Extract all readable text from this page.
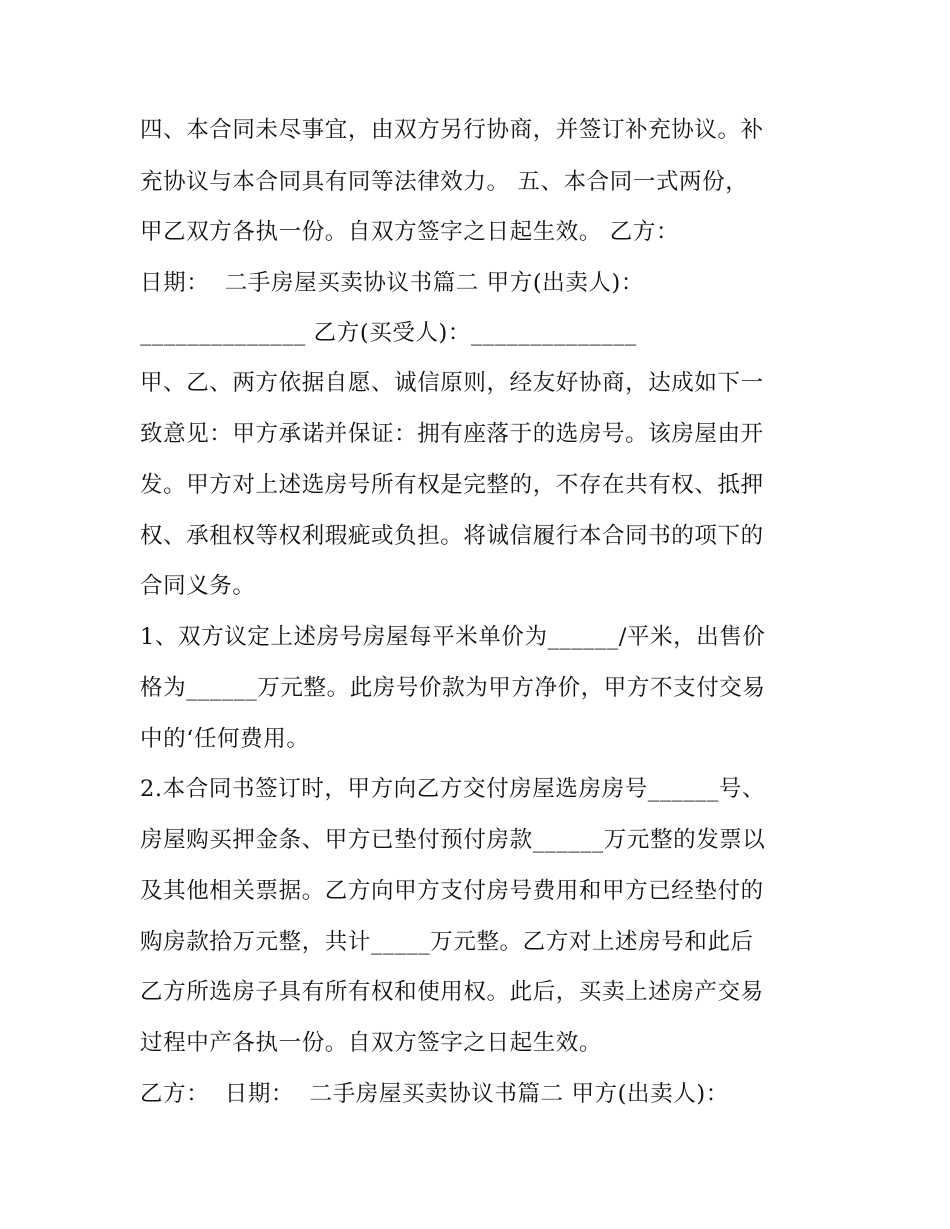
四、本合同未尽事宜，由双方另行协商，并签订补充协议。补
充协议与本合同具有同等法律效力。 五、本合同一式两份，
甲乙双方各执一份。自双方签字之日起生效。 乙方：
日期：  二手房屋买卖协议书篇二 甲方(出卖人)：
______________ 乙方(买受人)：______________
甲、乙、两方依据自愿、诚信原则，经友好协商，达成如下一
致意见：甲方承诺并保证：拥有座落于的选房号。该房屋由开
发。甲方对上述选房号所有权是完整的，不存在共有权、抵押
权、承租权等权利瑕疵或负担。将诚信履行本合同书的项下的
合同义务。
1、双方议定上述房号房屋每平米单价为______/平米，出售价
格为______万元整。此房号价款为甲方净价，甲方不支付交易
中的‘任何费用。
2.本合同书签订时，甲方向乙方交付房屋选房房号______号、
房屋购买押金条、甲方已垫付预付房款______万元整的发票以
及其他相关票据。乙方向甲方支付房号费用和甲方已经垫付的
购房款拾万元整，共计_____万元整。乙方对上述房号和此后
乙方所选房子具有所有权和使用权。此后，买卖上述房产交易
过程中产各执一份。自双方签字之日起生效。
乙方：  日期：  二手房屋买卖协议书篇二 甲方(出卖人)：
